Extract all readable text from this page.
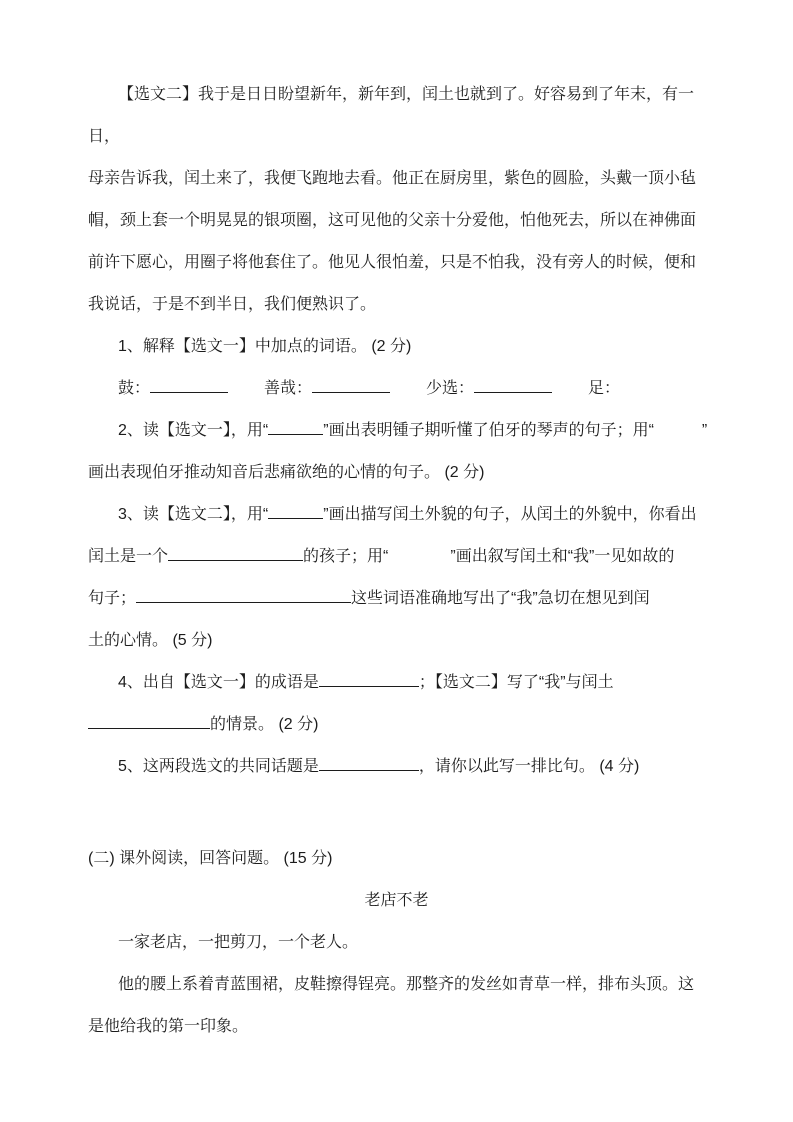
【选文二】我于是日日盼望新年，新年到，闰土也就到了。好容易到了年末，有一
日，
母亲告诉我，闰土来了，我便飞跑地去看。他正在厨房里，紫色的圆脸，头戴一顶小毡
帽，颈上套一个明晃晃的银项圈，这可见他的父亲十分爱他，怕他死去，所以在神佛面
前许下愿心，用圈子将他套住了。他见人很怕羞，只是不怕我，没有旁人的时候，便和
我说话，于是不到半日，我们便熟识了。
1、解释【选文一】中加点的词语。 (2 分)
鼓：	善哉：	少选：	足：
2、读【选文一】，用“	”画出表明锺子期听懂了伯牙的琴声的句子；用“	”
画出表现伯牙推动知音后悲痛欲绝的心情的句子。 (2 分)
3、读【选文二】，用“	”画出描写闰土外貌的句子，从闰土的外貌中，你看出
闰土是一个	的孩子；用“	”画出叙写闰土和“我”一见如故的
句子；	这些词语准确地写出了“我”急切在想见到闰
土的心情。 (5 分)
4、出自【选文一】的成语是	；【选文二】写了“我”与闰土
的情景。 (2 分)
5、这两段选文的共同话题是	，请你以此写一排比句。 (4 分)
(二) 课外阅读，回答问题。 (15 分)
老店不老
一家老店，一把剪刀，一个老人。
他的腰上系着青蓝围裙，皮鞋擦得锃亮。那整齐的发丝如青草一样，排布头顶。这
是他给我的第一印象。
